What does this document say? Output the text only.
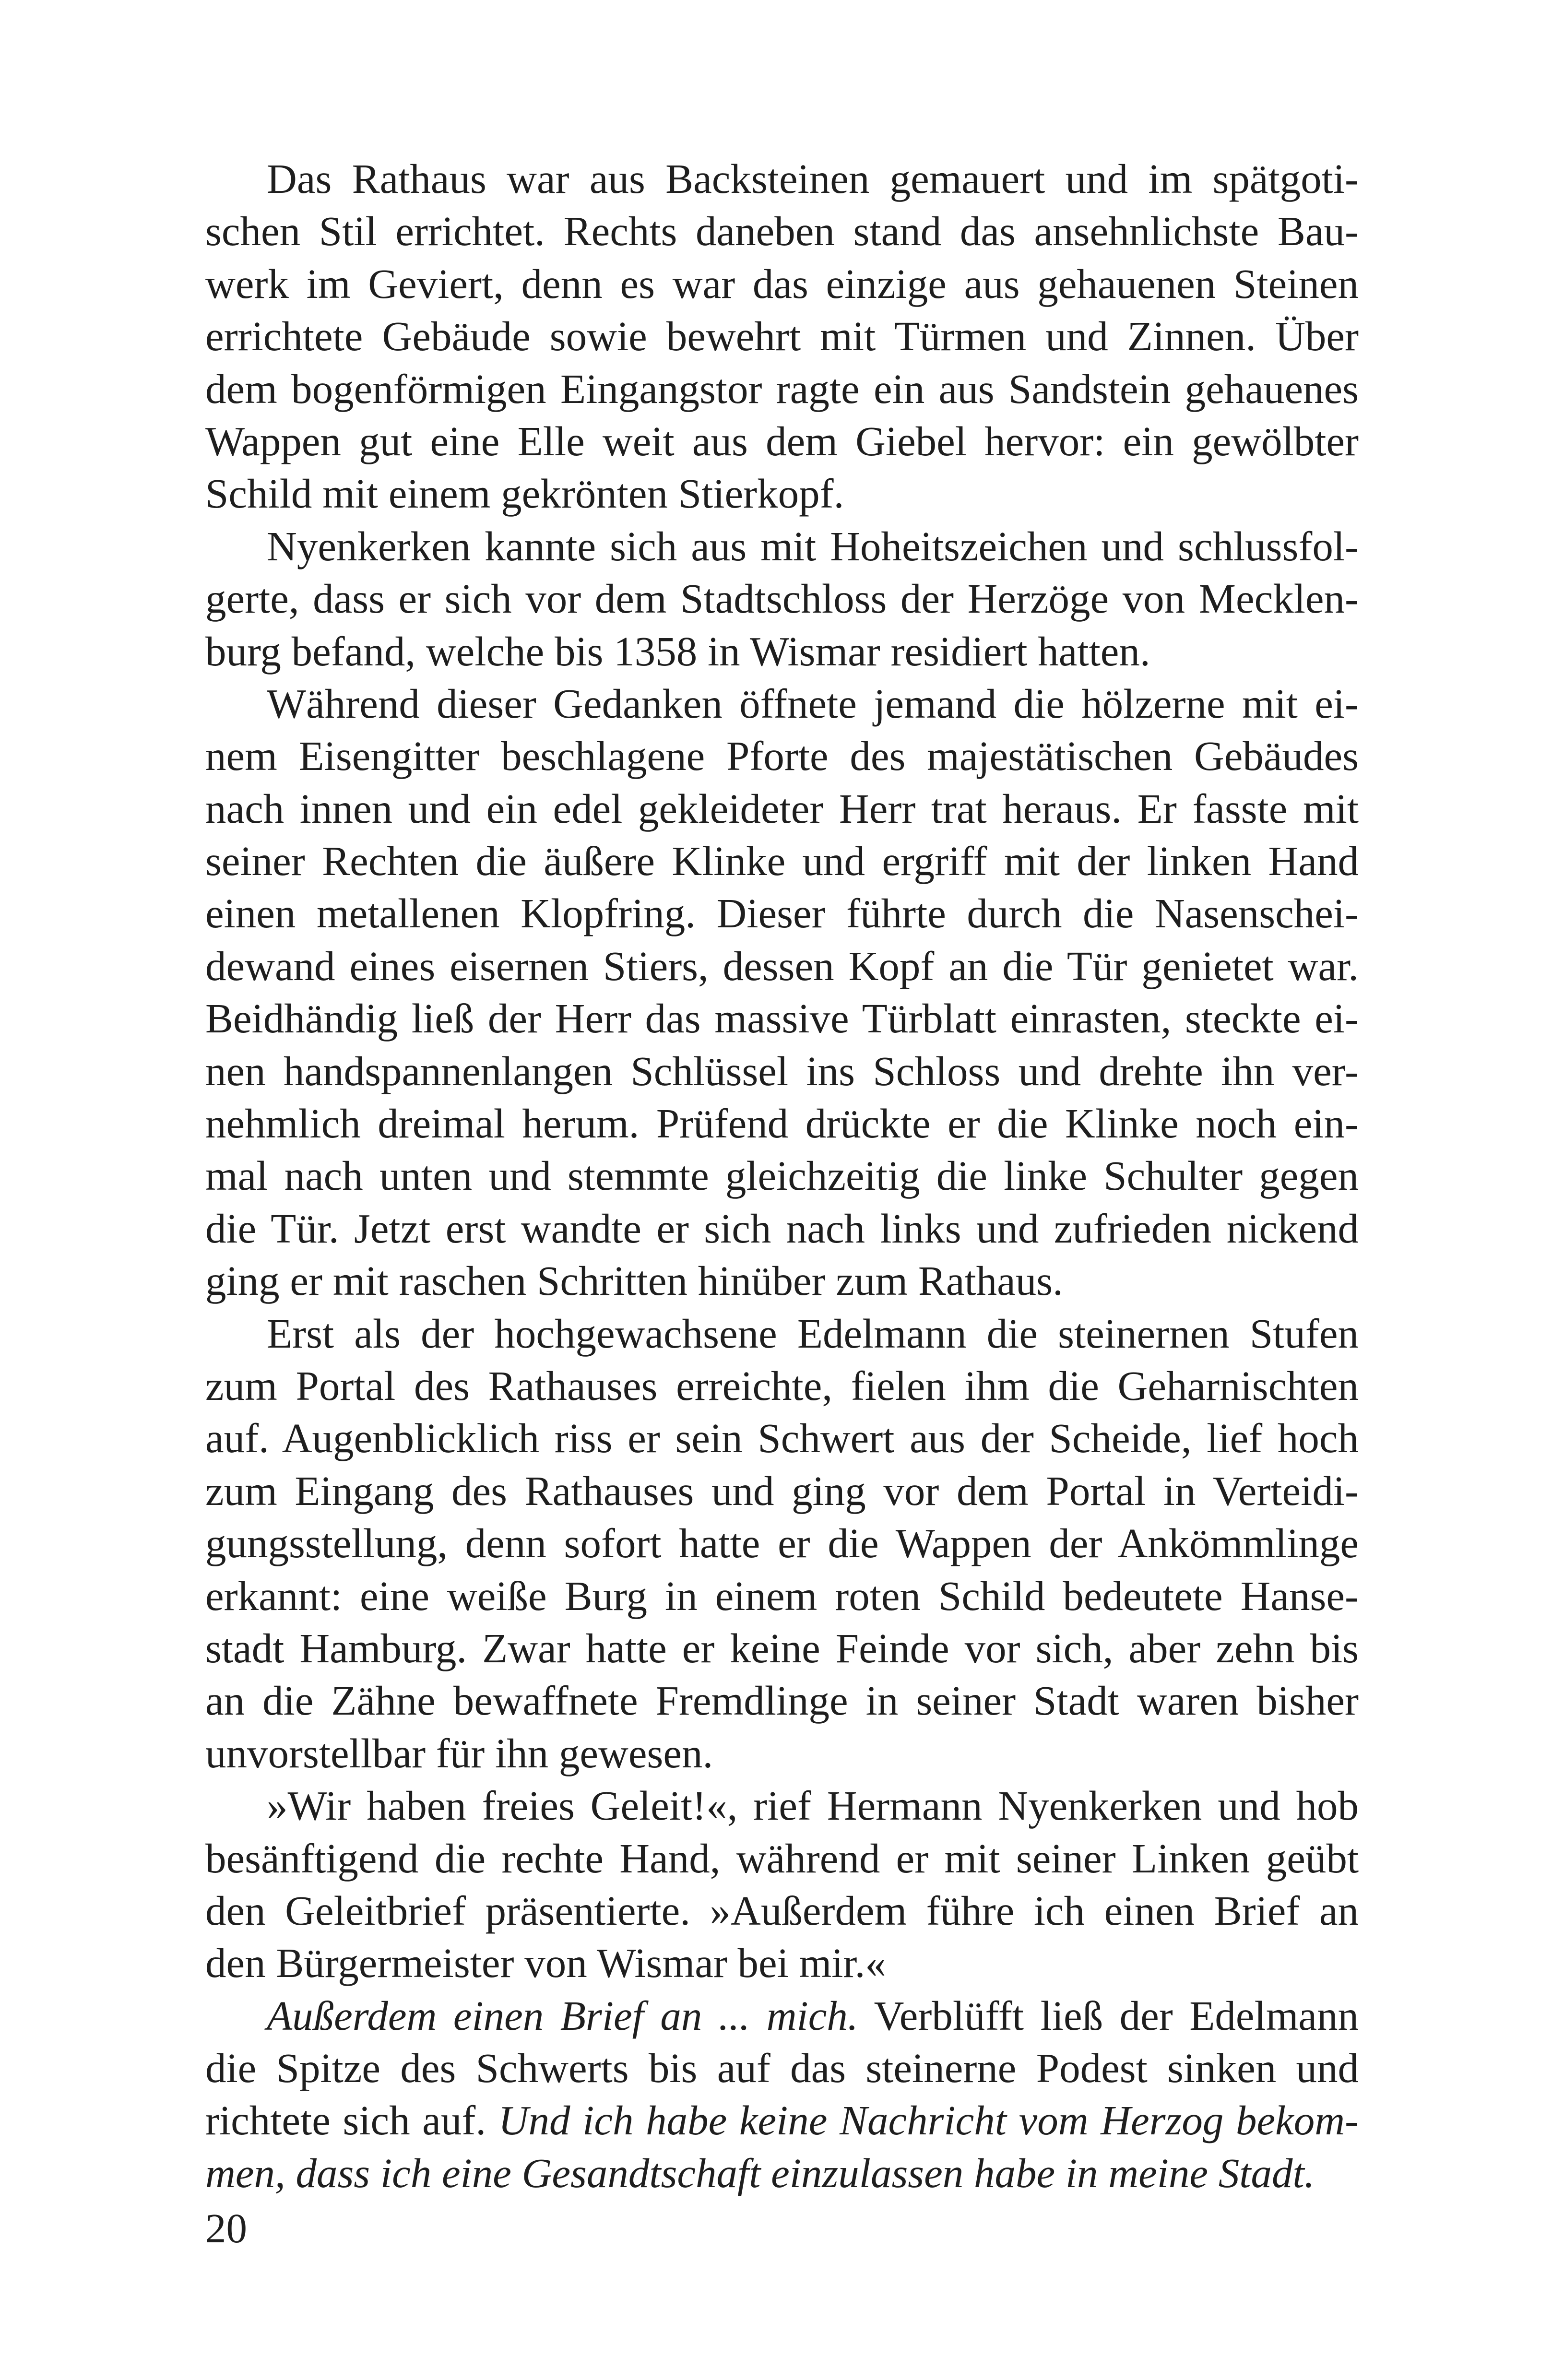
Das Rathaus war aus Backsteinen gemauert und im spätgoti-
schen Stil errichtet. Rechts daneben stand das ansehnlichste Bau-
werk im Geviert, denn es war das einzige aus gehauenen Steinen
errichtete Gebäude sowie bewehrt mit Türmen und Zinnen. Über
dem bogenförmigen Eingangstor ragte ein aus Sandstein gehauenes
Wappen gut eine Elle weit aus dem Giebel hervor: ein gewölbter
Schild mit einem gekrönten Stierkopf.
Nyenkerken kannte sich aus mit Hoheitszeichen und schlussfol-
gerte, dass er sich vor dem Stadtschloss der Herzöge von Mecklen-
burg befand, welche bis 1358 in Wismar residiert hatten.
Während dieser Gedanken öffnete jemand die hölzerne mit ei-
nem Eisengitter beschlagene Pforte des majestätischen Gebäudes
nach innen und ein edel gekleideter Herr trat heraus. Er fasste mit
seiner Rechten die äußere Klinke und ergriff mit der linken Hand
einen metallenen Klopfring. Dieser führte durch die Nasenschei-
dewand eines eisernen Stiers, dessen Kopf an die Tür genietet war.
Beidhändig ließ der Herr das massive Türblatt einrasten, steckte ei-
nen handspannenlangen Schlüssel ins Schloss und drehte ihn ver-
nehmlich dreimal herum. Prüfend drückte er die Klinke noch ein-
mal nach unten und stemmte gleichzeitig die linke Schulter gegen
die Tür. Jetzt erst wandte er sich nach links und zufrieden nickend
ging er mit raschen Schritten hinüber zum Rathaus.
Erst als der hochgewachsene Edelmann die steinernen Stufen
zum Portal des Rathauses erreichte, fielen ihm die Geharnischten
auf. Augenblicklich riss er sein Schwert aus der Scheide, lief hoch
zum Eingang des Rathauses und ging vor dem Portal in Verteidi-
gungsstellung, denn sofort hatte er die Wappen der Ankömmlinge
erkannt: eine weiße Burg in einem roten Schild bedeutete Hanse-
stadt Hamburg. Zwar hatte er keine Feinde vor sich, aber zehn bis
an die Zähne bewaffnete Fremdlinge in seiner Stadt waren bisher
unvorstellbar für ihn gewesen.
»Wir haben freies Geleit!«, rief Hermann Nyenkerken und hob
besänftigend die rechte Hand, während er mit seiner Linken geübt
den Geleitbrief präsentierte. »Außerdem führe ich einen Brief an
den Bürgermeister von Wismar bei mir.«
Außerdem einen Brief an ... mich. Verblüfft ließ der Edelmann
die Spitze des Schwerts bis auf das steinerne Podest sinken und
richtete sich auf. Und ich habe keine Nachricht vom Herzog bekom-
men, dass ich eine Gesandtschaft einzulassen habe in meine Stadt.
20
